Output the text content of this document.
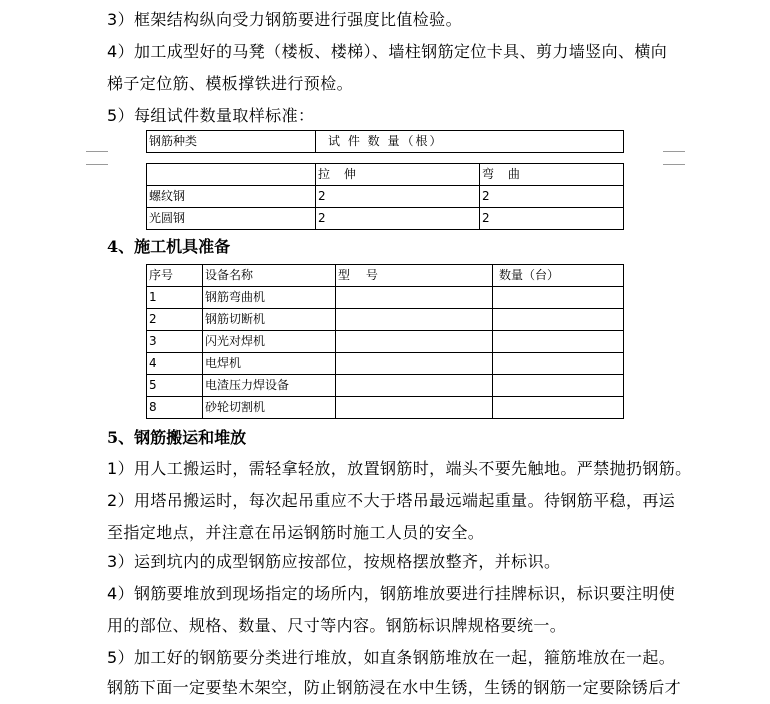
3）框架结构纵向受力钢筋要进行强度比值检验。
4）加工成型好的马凳（楼板、楼梯）、墙柱钢筋定位卡具、剪力墙竖向、横向
梯子定位筋、模板撑铁进行预检。
5）每组试件数量取样标准：
钢筋种类	试 件 数 量（根）
	拉 伸	弯 曲
螺纹钢	2	2
光圆钢	2	2
4、施工机具准备
序号	设备名称	型　 号	数量（台）
1	钢筋弯曲机		
2	钢筋切断机		
3	闪光对焊机		
4	电焊机		
5	电渣压力焊设备		
8	砂轮切割机		
5、钢筋搬运和堆放
1）用人工搬运时，需轻拿轻放，放置钢筋时，端头不要先触地。严禁抛扔钢筋。
2）用塔吊搬运时，每次起吊重应不大于塔吊最远端起重量。待钢筋平稳，再运
至指定地点，并注意在吊运钢筋时施工人员的安全。
3）运到坑内的成型钢筋应按部位，按规格摆放整齐，并标识。
4）钢筋要堆放到现场指定的场所内，钢筋堆放要进行挂牌标识，标识要注明使
用的部位、规格、数量、尺寸等内容。钢筋标识牌规格要统一。
5）加工好的钢筋要分类进行堆放，如直条钢筋堆放在一起，箍筋堆放在一起。
钢筋下面一定要垫木架空，防止钢筋浸在水中生锈，生锈的钢筋一定要除锈后才
